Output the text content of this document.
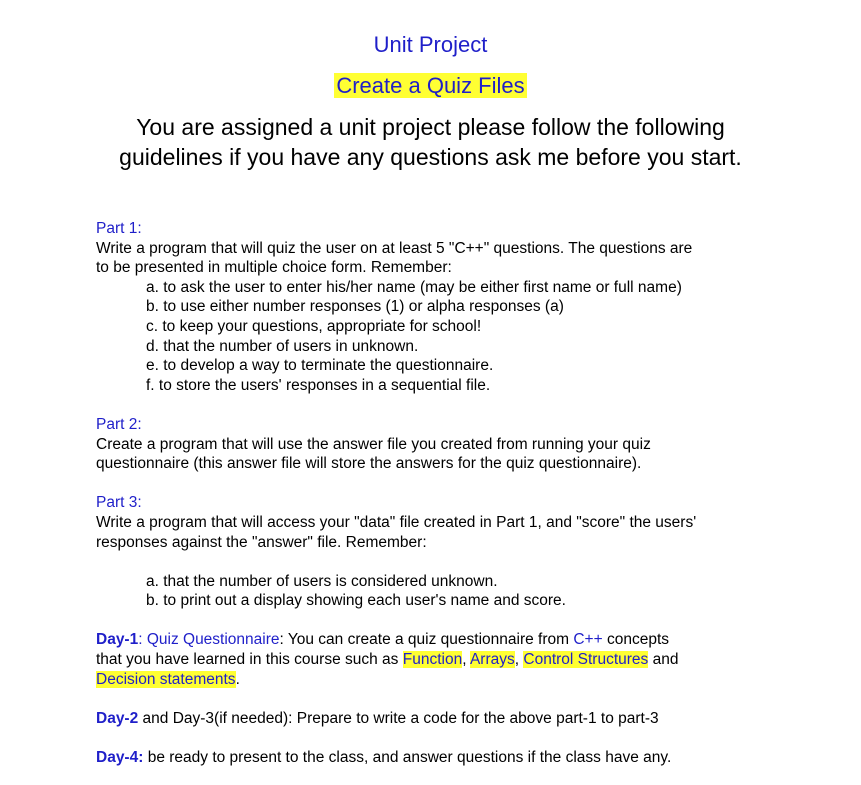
Unit Project
Create a Quiz Files
You are assigned a unit project please follow the following
guidelines if you have any questions ask me before you start.
Part 1:
Write a program that will quiz the user on at least 5 "C++" questions. The questions are
to be presented in multiple choice form. Remember:
a. to ask the user to enter his/her name (may be either first name or full name)
b. to use either number responses (1) or alpha responses (a)
c. to keep your questions, appropriate for school!
d. that the number of users in unknown.
e. to develop a way to terminate the questionnaire.
f. to store the users' responses in a sequential file.
Part 2:
Create a program that will use the answer file you created from running your quiz
questionnaire (this answer file will store the answers for the quiz questionnaire).
Part 3:
Write a program that will access your "data" file created in Part 1, and "score" the users'
responses against the "answer" file. Remember:
a. that the number of users is considered unknown.
b. to print out a display showing each user's name and score.
Day-1: Quiz Questionnaire: You can create a quiz questionnaire from C++ concepts
that you have learned in this course such as Function, Arrays, Control Structures and
Decision statements.
Day-2 and Day-3(if needed): Prepare to write a code for the above part-1 to part-3
Day-4: be ready to present to the class, and answer questions if the class have any.
